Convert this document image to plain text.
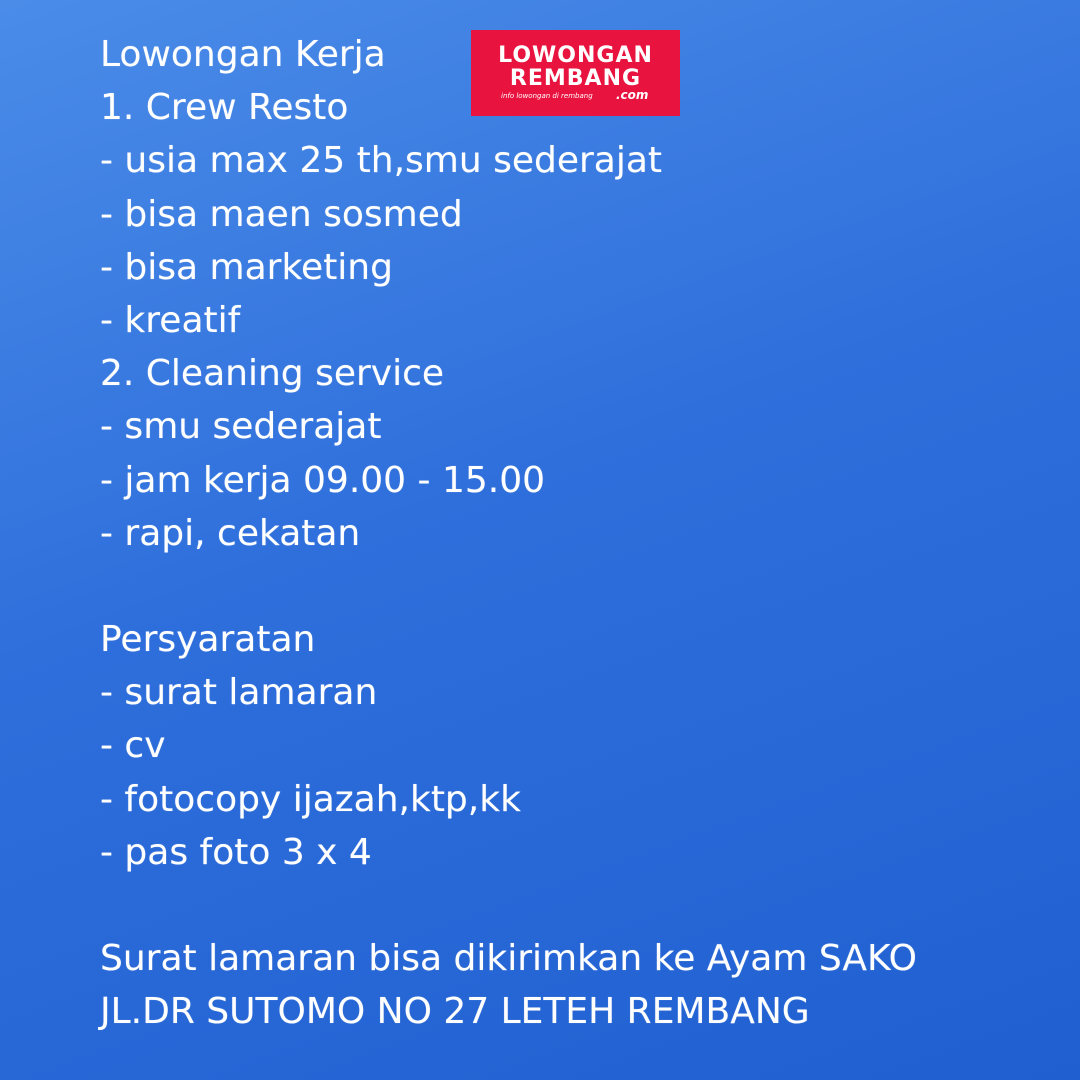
Lowongan Kerja
1. Crew Resto
- usia max 25 th,smu sederajat
- bisa maen sosmed
- bisa marketing
- kreatif
2. Cleaning service
- smu sederajat
- jam kerja 09.00 - 15.00
- rapi, cekatan
Persyaratan
- surat lamaran
- cv
- fotocopy ijazah,ktp,kk
- pas foto 3 x 4
Surat lamaran bisa dikirimkan ke Ayam SAKO
JL.DR SUTOMO NO 27 LETEH REMBANG
LOWONGAN
REMBANG
info lowongan di rembang .com
